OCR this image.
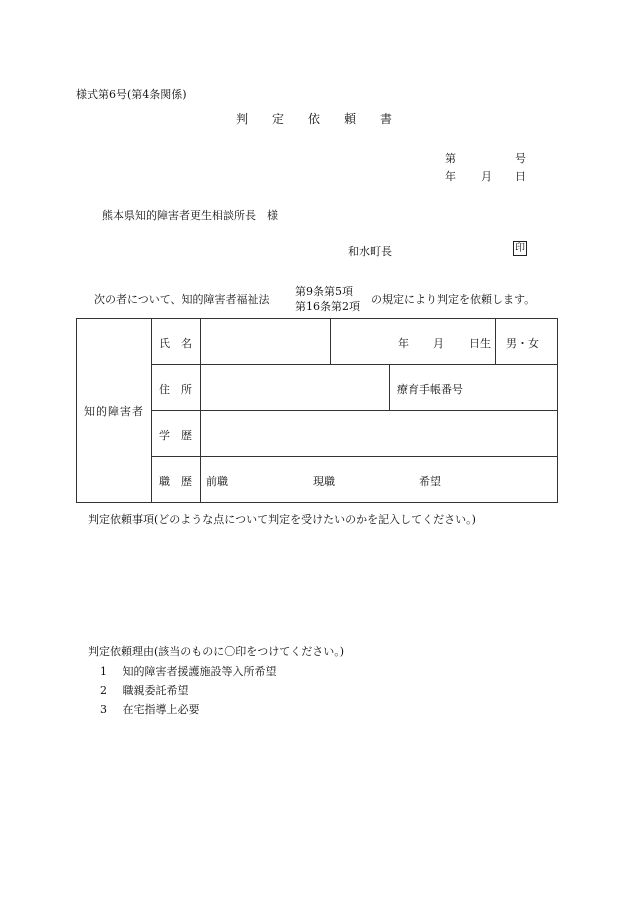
様式第6号(第4条関係)
判　　定　　依　　頼　　書
第	号
年 月 日
熊本県知的障害者更生相談所長　様
和水町長	印
次の者について、知的障害者福祉法
第9条第5項
第16条第2項
の規定により判定を依頼します。
知的障害者	氏　名		年 月 日生		男・女

	住　所			療育手帳番号	

	学　歴				

	職　歴	前職 現職 希望			
判定依頼事項(どのような点について判定を受けたいのかを記入してください。)
判定依頼理由(該当のものに〇印をつけてください。)
1 知的障害者援護施設等入所希望
2 職親委託希望
3 在宅指導上必要
